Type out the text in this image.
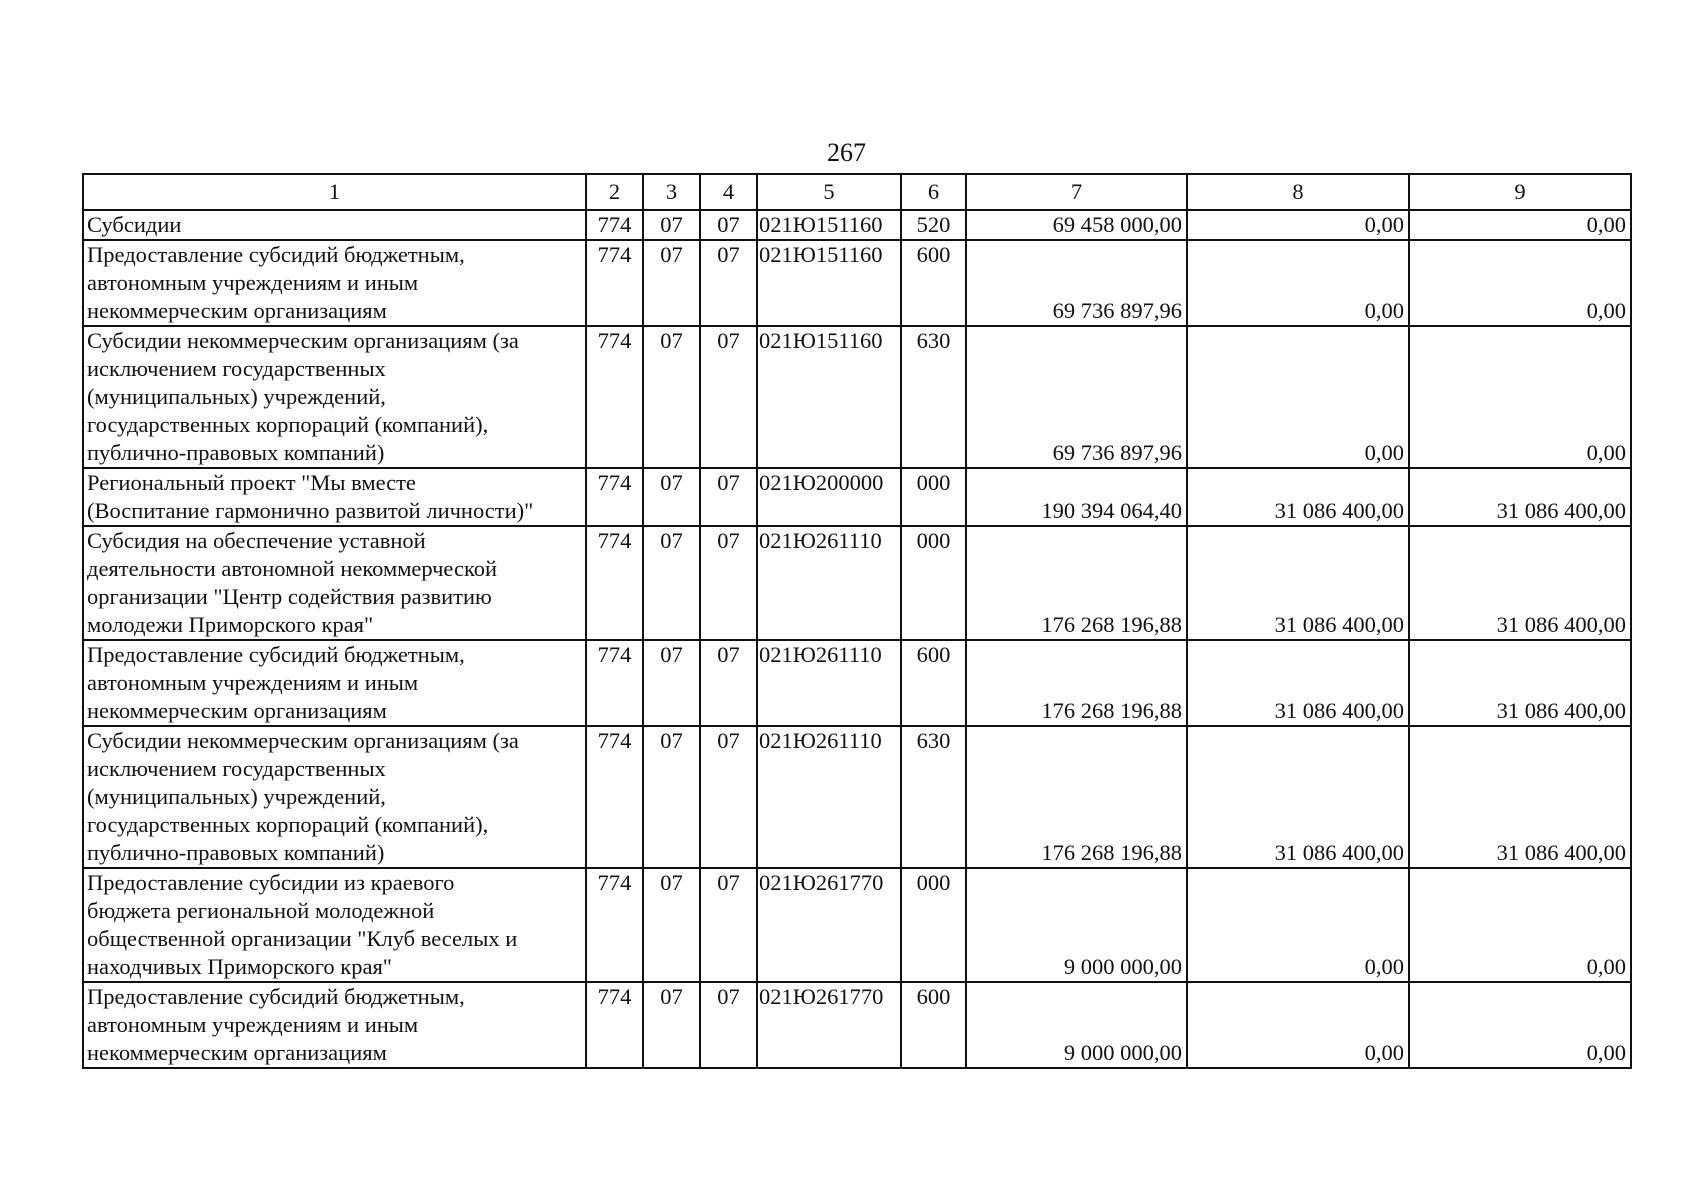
267
1	2	3	4	5	6	7	8	9
Субсидии	774	07	07	021Ю151160	520	69 458 000,00	0,00	0,00
Предоставление субсидий бюджетным,
автономным учреждениям и иным
некоммерческим организациям	774	07	07	021Ю151160	600	69 736 897,96	0,00	0,00
Субсидии некоммерческим организациям (за
исключением государственных
(муниципальных) учреждений,
государственных корпораций (компаний),
публично-правовых компаний)	774	07	07	021Ю151160	630	69 736 897,96	0,00	0,00
Региональный проект "Мы вместе
(Воспитание гармонично развитой личности)"	774	07	07	021Ю200000	000	190 394 064,40	31 086 400,00	31 086 400,00
Субсидия на обеспечение уставной
деятельности автономной некоммерческой
организации "Центр содействия развитию
молодежи Приморского края"	774	07	07	021Ю261110	000	176 268 196,88	31 086 400,00	31 086 400,00
Предоставление субсидий бюджетным,
автономным учреждениям и иным
некоммерческим организациям	774	07	07	021Ю261110	600	176 268 196,88	31 086 400,00	31 086 400,00
Субсидии некоммерческим организациям (за
исключением государственных
(муниципальных) учреждений,
государственных корпораций (компаний),
публично-правовых компаний)	774	07	07	021Ю261110	630	176 268 196,88	31 086 400,00	31 086 400,00
Предоставление субсидии из краевого
бюджета региональной молодежной
общественной организации "Клуб веселых и
находчивых Приморского края"	774	07	07	021Ю261770	000	9 000 000,00	0,00	0,00
Предоставление субсидий бюджетным,
автономным учреждениям и иным
некоммерческим организациям	774	07	07	021Ю261770	600	9 000 000,00	0,00	0,00
